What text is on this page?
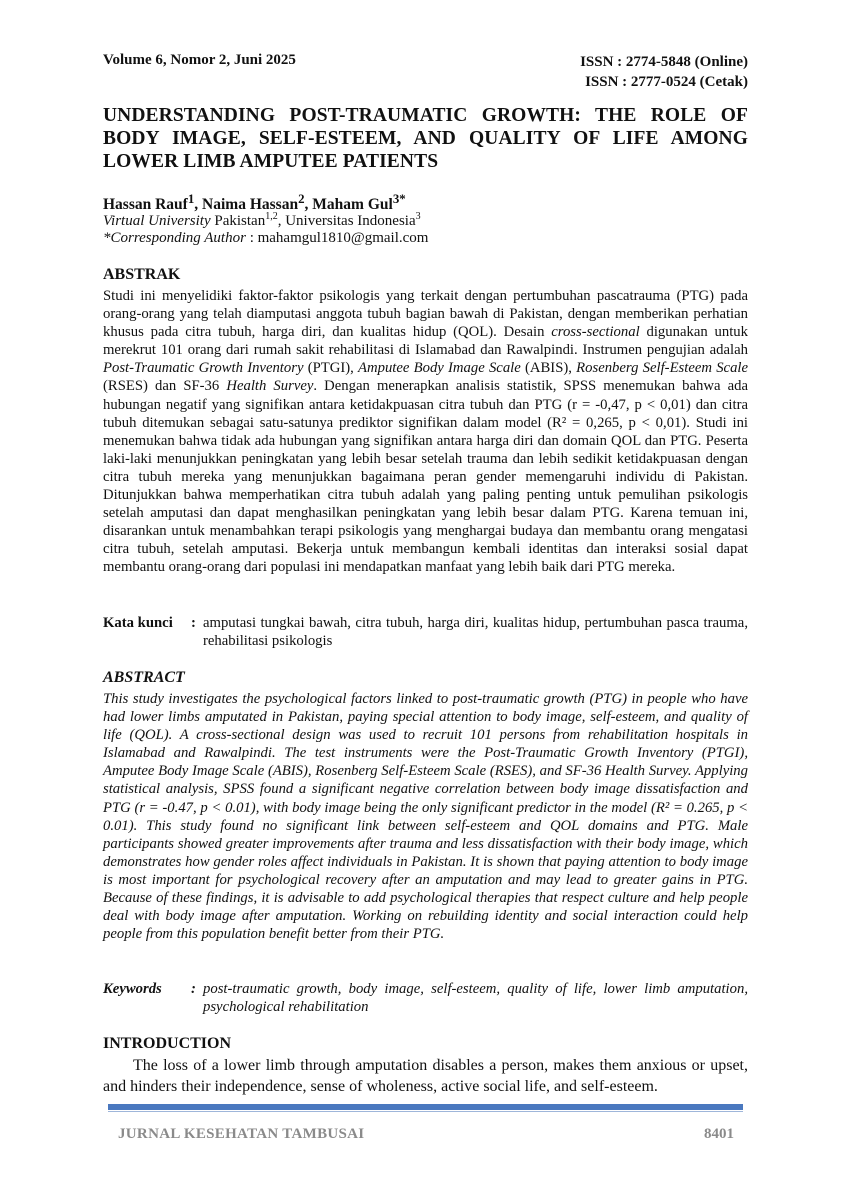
Volume 6, Nomor 2, Juni 2025	ISSN : 2774-5848 (Online)
ISSN : 2777-0524 (Cetak)
UNDERSTANDING POST-TRAUMATIC GROWTH: THE ROLE OF BODY IMAGE, SELF-ESTEEM, AND QUALITY OF LIFE AMONG LOWER LIMB AMPUTEE PATIENTS
Hassan Rauf$^1$, Naima Hassan$^2$, Maham Gul$^{3*}$
Virtual University Pakistan$^{1,2}$, Universitas Indonesia$^3$
*Corresponding Author : mahamgul1810@gmail.com
ABSTRAK

Studi ini menyelidiki faktor-faktor psikologis yang terkait dengan pertumbuhan pascatrauma (PTG) pada orang-orang yang telah diamputasi anggota tubuh bagian bawah di Pakistan, dengan memberikan perhatian khusus pada citra tubuh, harga diri, dan kualitas hidup (QOL). Desain cross-sectional digunakan untuk merekrut 101 orang dari rumah sakit rehabilitasi di Islamabad dan Rawalpindi. Instrumen pengujian adalah Post-Traumatic Growth Inventory (PTGI), Amputee Body Image Scale (ABIS), Rosenberg Self-Esteem Scale (RSES) dan SF-36 Health Survey. Dengan menerapkan analisis statistik, SPSS menemukan bahwa ada hubungan negatif yang signifikan antara ketidakpuasan citra tubuh dan PTG (r = -0,47, p < 0,01) dan citra tubuh ditemukan sebagai satu-satunya prediktor signifikan dalam model (R² = 0,265, p < 0,01). Studi ini menemukan bahwa tidak ada hubungan yang signifikan antara harga diri dan domain QOL dan PTG. Peserta laki-laki menunjukkan peningkatan yang lebih besar setelah trauma dan lebih sedikit ketidakpuasan dengan citra tubuh mereka yang menunjukkan bagaimana peran gender memengaruhi individu di Pakistan. Ditunjukkan bahwa memperhatikan citra tubuh adalah yang paling penting untuk pemulihan psikologis setelah amputasi dan dapat menghasilkan peningkatan yang lebih besar dalam PTG. Karena temuan ini, disarankan untuk menambahkan terapi psikologis yang menghargai budaya dan membantu orang mengatasi citra tubuh, setelah amputasi. Bekerja untuk membangun kembali identitas dan interaksi sosial dapat membantu orang-orang dari populasi ini mendapatkan manfaat yang lebih baik dari PTG mereka.

Kata kunci	: amputasi tungkai bawah, citra tubuh, harga diri, kualitas hidup, pertumbuhan pasca trauma, rehabilitasi psikologis
ABSTRACT

This study investigates the psychological factors linked to post-traumatic growth (PTG) in people who have had lower limbs amputated in Pakistan, paying special attention to body image, self-esteem, and quality of life (QOL). A cross-sectional design was used to recruit 101 persons from rehabilitation hospitals in Islamabad and Rawalpindi. The test instruments were the Post-Traumatic Growth Inventory (PTGI), Amputee Body Image Scale (ABIS), Rosenberg Self-Esteem Scale (RSES), and SF-36 Health Survey. Applying statistical analysis, SPSS found a significant negative correlation between body image dissatisfaction and PTG (r = -0.47, p < 0.01), with body image being the only significant predictor in the model (R² = 0.265, p < 0.01). This study found no significant link between self-esteem and QOL domains and PTG. Male participants showed greater improvements after trauma and less dissatisfaction with their body image, which demonstrates how gender roles affect individuals in Pakistan. It is shown that paying attention to body image is most important for psychological recovery after an amputation and may lead to greater gains in PTG. Because of these findings, it is advisable to add psychological therapies that respect culture and help people deal with body image after amputation. Working on rebuilding identity and social interaction could help people from this population benefit better from their PTG.

Keywords	: post-traumatic growth, body image, self-esteem, quality of life, lower limb amputation, psychological rehabilitation
INTRODUCTION

The loss of a lower limb through amputation disables a person, makes them anxious or upset, and hinders their independence, sense of wholeness, active social life, and self-esteem.

JURNAL KESEHATAN TAMBUSAI	8401
